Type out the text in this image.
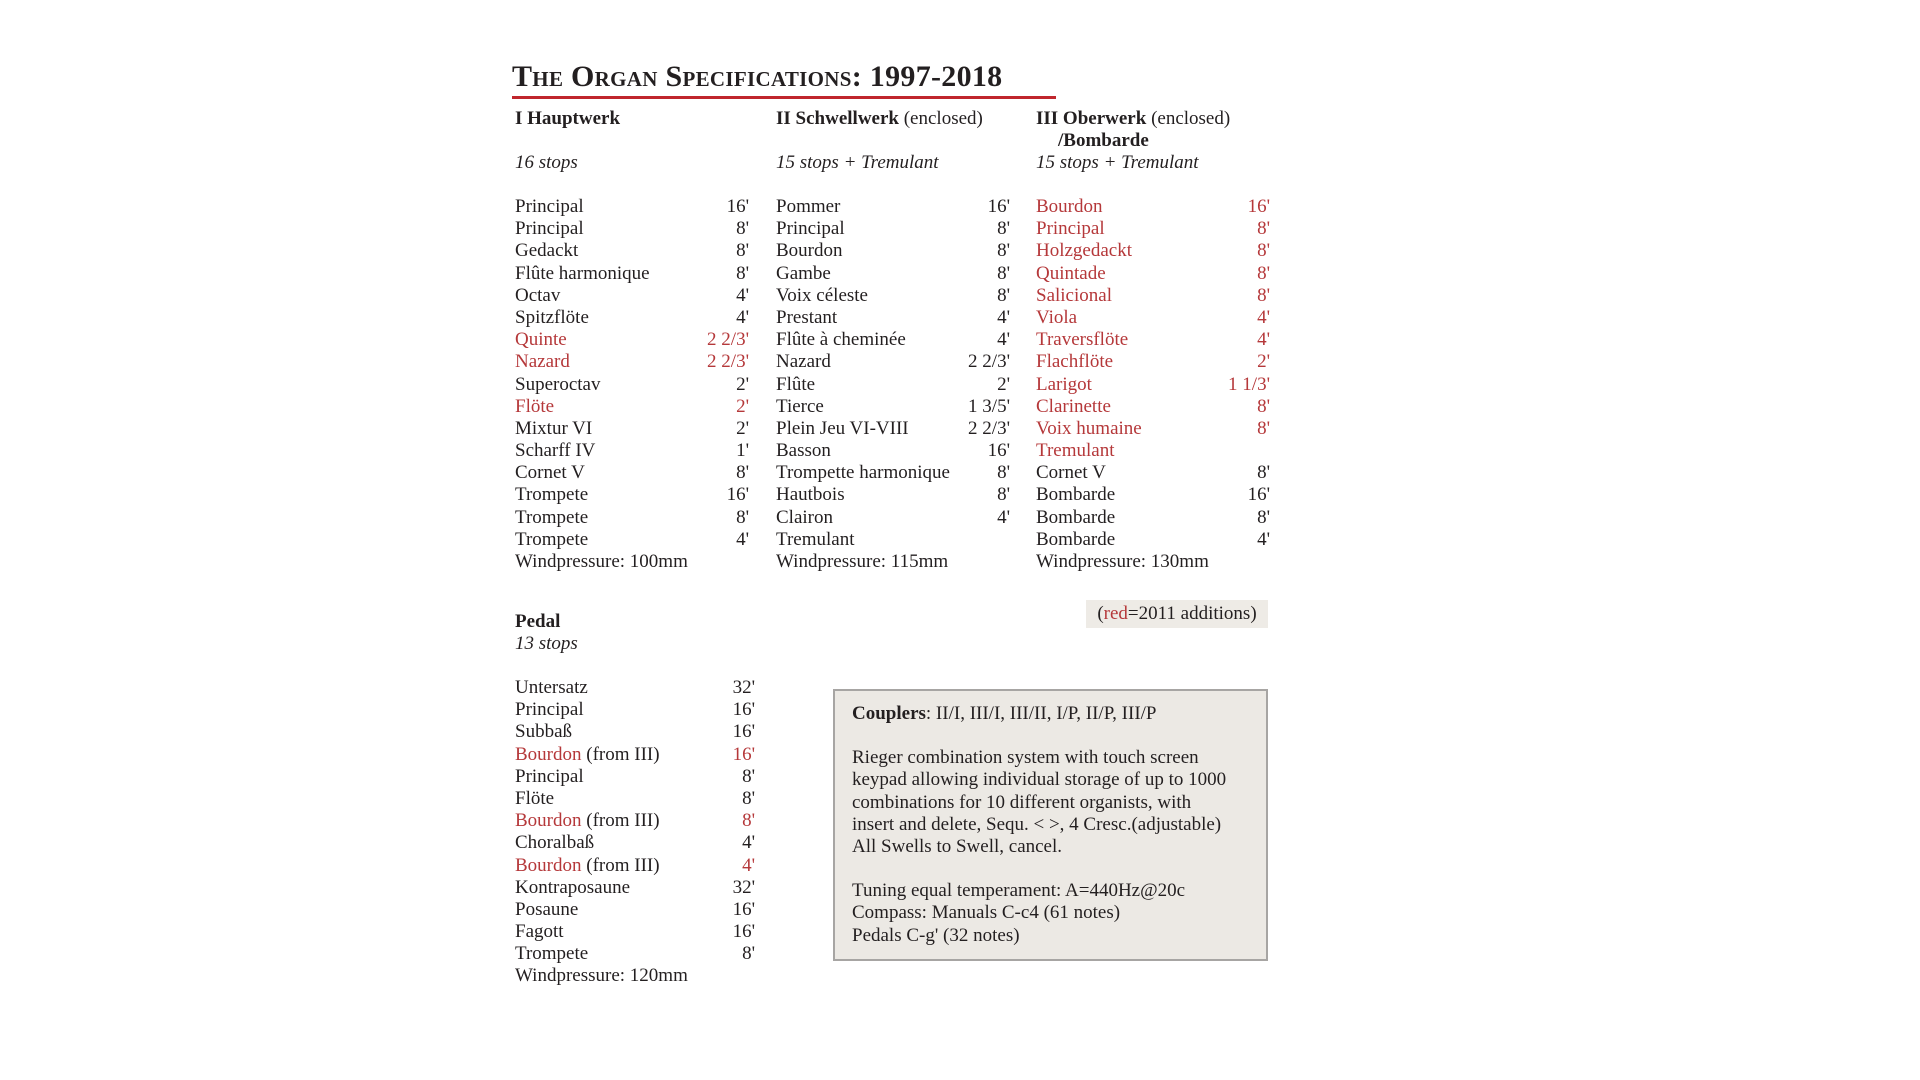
The Organ Specifications: 1997-2018
I Hauptwerk
16 stops
Principal	16'
Principal	8'
Gedackt	8'
Flûte harmonique	8'
Octav	4'
Spitzflöte	4'
Quinte	2 2/3'
Nazard	2 2/3'
Superoctav	2'
Flöte	2'
Mixtur VI	2'
Scharff IV	1'
Cornet V	8'
Trompete	16'
Trompete	8'
Trompete	4'
Windpressure: 100mm
II Schwellwerk (enclosed)
15 stops + Tremulant
Pommer	16'
Principal	8'
Bourdon	8'
Gambe	8'
Voix céleste	8'
Prestant	4'
Flûte à cheminée	4'
Nazard	2 2/3'
Flûte	2'
Tierce	1 3/5'
Plein Jeu VI-VIII	2 2/3'
Basson	16'
Trompette harmonique 8'
Hautbois	8'
Clairon	4'
Tremulant
Windpressure: 115mm
III Oberwerk (enclosed)
/Bombarde
15 stops + Tremulant
Bourdon	16'
Principal	8'
Holzgedackt	8'
Quintade	8'
Salicional	8'
Viola	4'
Traversflöte	4'
Flachflöte	2'
Larigot	1 1/3'
Clarinette	8'
Voix humaine	8'
Tremulant
Cornet V	8'
Bombarde	16'
Bombarde	8'
Bombarde	4'
Windpressure: 130mm
Pedal
13 stops
Untersatz	32'
Principal	16'
Subbaß	16'
Bourdon (from III)	16'
Principal	8'
Flöte	8'
Bourdon (from III)	8'
Choralbaß	4'
Bourdon (from III)	4'
Kontraposaune	32'
Posaune	16'
Fagott	16'
Trompete	8'
Windpressure: 120mm
(red=2011 additions)

Couplers: II/I, III/I, III/II, I/P, II/P, III/P

Rieger combination system with touch screen
keypad allowing individual storage of up to 1000
combinations for 10 different organists, with
insert and delete, Sequ. < >, 4 Cresc.(adjustable)
All Swells to Swell, cancel.

Tuning equal temperament: A=440Hz@20c
Compass: Manuals C-c4 (61 notes)
Pedals C-g' (32 notes)
